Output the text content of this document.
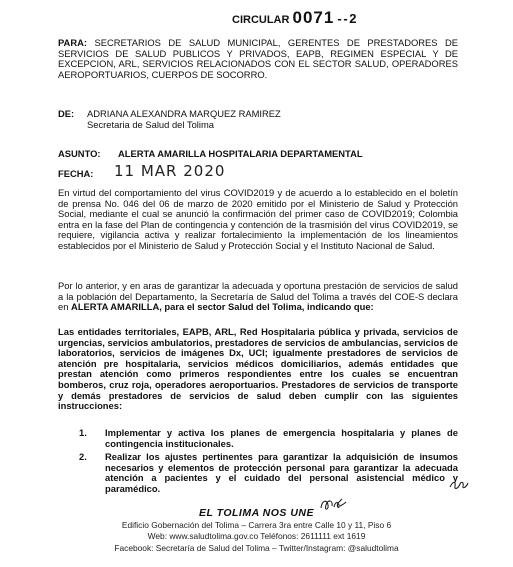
CIRCULAR 0071 - - 2
PARA: SECRETARIOS DE SALUD MUNICIPAL, GERENTES DE PRESTADORES DE SERVICIOS DE SALUD PUBLICOS Y PRIVADOS, EAPB, REGIMEN ESPECIAL Y DE EXCEPCION, ARL, SERVICIOS RELACIONADOS CON EL SECTOR SALUD, OPERADORES AEROPORTUARIOS, CUERPOS DE SOCORRO.
DE: ADRIANA ALEXANDRA MARQUEZ RAMIREZ
Secretaria de Salud del Tolima
ASUNTO: ALERTA AMARILLA HOSPITALARIA DEPARTAMENTAL
FECHA: 11 MAR 2020
En virtud del comportamiento del virus COVID2019 y de acuerdo a lo establecido en el boletín de prensa No. 046 del 06 de marzo de 2020 emitido por el Ministerio de Salud y Protección Social, mediante el cual se anunció la confirmación del primer caso de COVID2019; Colombia entra en la fase del Plan de contingencia y contención de la trasmisión del virus COVID2019, se requiere, vigilancia activa y realizar fortalecimiento la implementación de los lineamientos establecidos por el Ministerio de Salud y Protección Social y el Instituto Nacional de Salud.
Por lo anterior, y en aras de garantizar la adecuada y oportuna prestación de servicios de salud a la población del Departamento, la Secretaría de Salud del Tolima a través del COE-S declara en ALERTA AMARILLA, para el sector Salud del Tolima, indicando que:
Las entidades territoriales, EAPB, ARL, Red Hospitalaria pública y privada, servicios de urgencias, servicios ambulatorios, prestadores de servicios de ambulancias, servicios de laboratorios, servicios de imágenes Dx, UCI; igualmente prestadores de servicios de atención pre hospitalaria, servicios médicos domiciliarios, además entidades que prestan atención como primeros respondientes entre los cuales se encuentran bomberos, cruz roja, operadores aeroportuarios. Prestadores de servicios de transporte y demás prestadores de servicios de salud deben cumplir con las siguientes instrucciones:
1.	Implementar y activa los planes de emergencia hospitalaria y planes de contingencia institucionales.
2.	Realizar los ajustes pertinentes para garantizar la adquisición de insumos necesarios y elementos de protección personal para garantizar la adecuada atención a pacientes y el cuidado del personal asistencial médico y paramédico.
EL TOLIMA NOS UNE
Edificio Gobernación del Tolima – Carrera 3ra entre Calle 10 y 11, Piso 6
Web: www.saludtolima.gov.co Teléfonos: 2611111 ext 1619
Facebook: Secretaría de Salud del Tolima – Twitter/Instagram: @saludtolima
